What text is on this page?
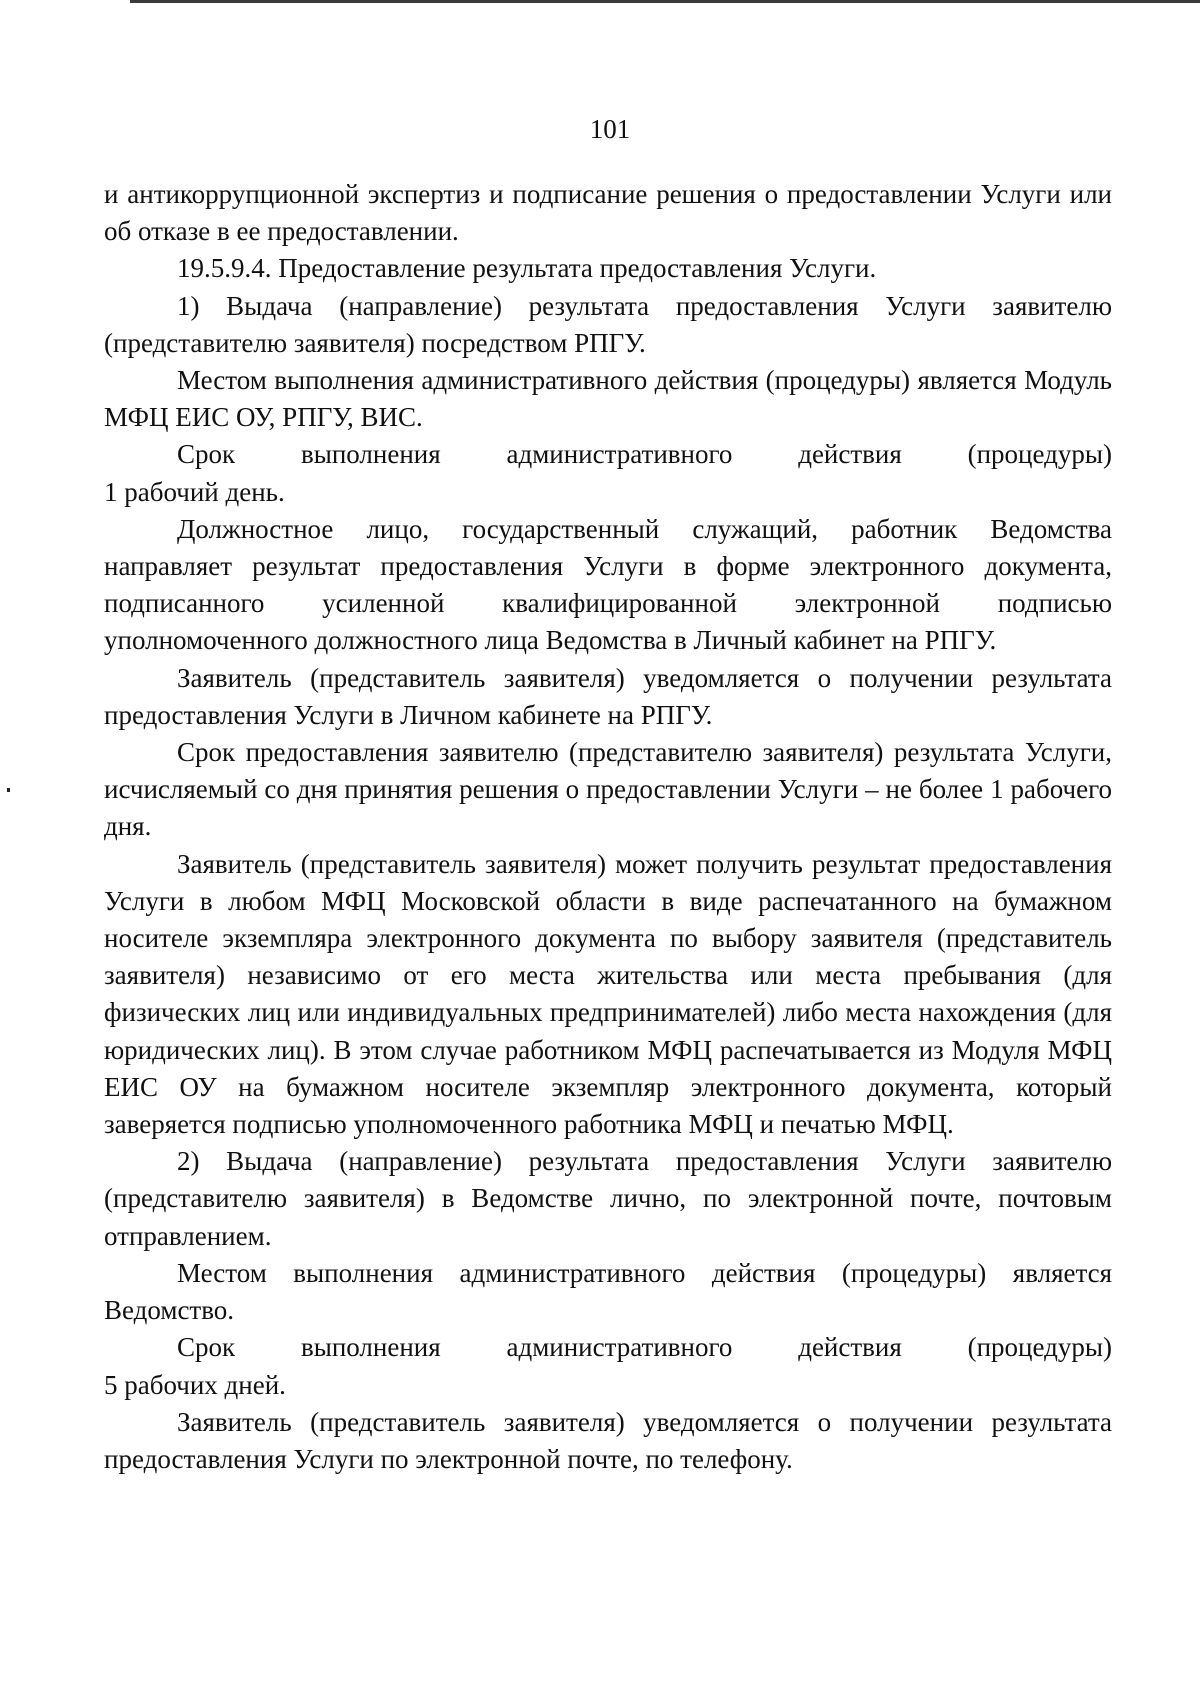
101

и антикоррупционной экспертиз и подписание решения о предоставлении Услуги или об отказе в ее предоставлении.

19.5.9.4. Предоставление результата предоставления Услуги.

1) Выдача (направление) результата предоставления Услуги заявителю (представителю заявителя) посредством РПГУ.

Местом выполнения административного действия (процедуры) является Модуль МФЦ ЕИС ОУ, РПГУ, ВИС.

Срок выполнения административного действия (процедуры)

1 рабочий день.

Должностное лицо, государственный служащий, работник Ведомства направляет результат предоставления Услуги в форме электронного документа, подписанного усиленной квалифицированной электронной подписью уполномоченного должностного лица Ведомства в Личный кабинет на РПГУ.

Заявитель (представитель заявителя) уведомляется о получении результата предоставления Услуги в Личном кабинете на РПГУ.

Срок предоставления заявителю (представителю заявителя) результата Услуги, исчисляемый со дня принятия решения о предоставлении Услуги – не более 1 рабочего дня.

Заявитель (представитель заявителя) может получить результат предоставления Услуги в любом МФЦ Московской области в виде распечатанного на бумажном носителе экземпляра электронного документа по выбору заявителя (представитель заявителя) независимо от его места жительства или места пребывания (для физических лиц или индивидуальных предпринимателей) либо места нахождения (для юридических лиц). В этом случае работником МФЦ распечатывается из Модуля МФЦ ЕИС ОУ на бумажном носителе экземпляр электронного документа, который заверяется подписью уполномоченного работника МФЦ и печатью МФЦ.

2) Выдача (направление) результата предоставления Услуги заявителю (представителю заявителя) в Ведомстве лично, по электронной почте, почтовым отправлением.

Местом выполнения административного действия (процедуры) является Ведомство.

Срок выполнения административного действия (процедуры)

5 рабочих дней.

Заявитель (представитель заявителя) уведомляется о получении результата предоставления Услуги по электронной почте, по телефону.
